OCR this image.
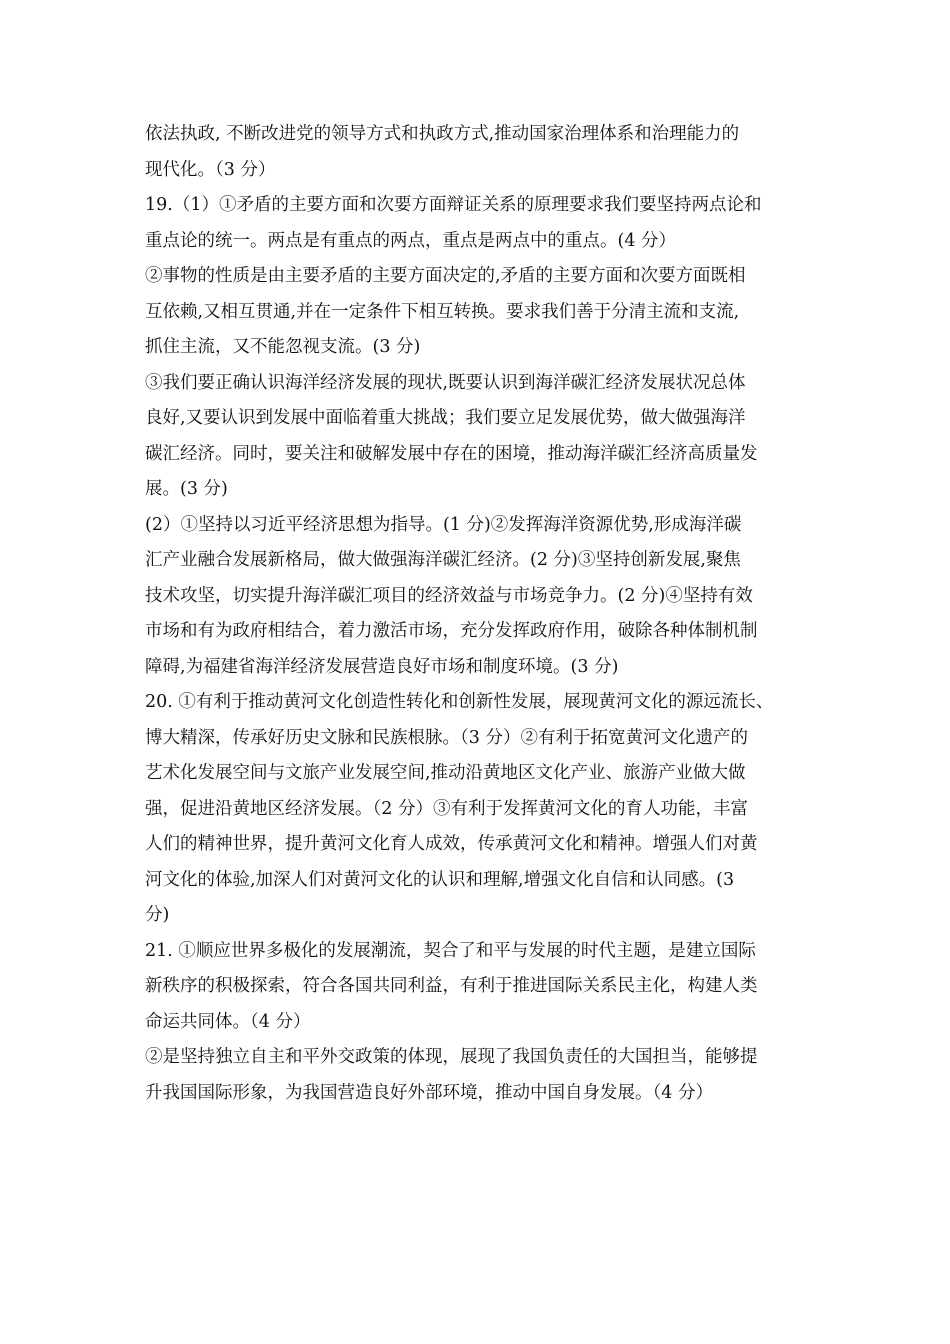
依法执政, 不断改进党的领导方式和执政方式,推动国家治理体系和治理能力的
现代化。（3 分）
19.（1）①矛盾的主要方面和次要方面辩证关系的原理要求我们要坚持两点论和
重点论的统一。两点是有重点的两点，重点是两点中的重点。(4 分）
②事物的性质是由主要矛盾的主要方面决定的,矛盾的主要方面和次要方面既相
互依赖,又相互贯通,并在一定条件下相互转换。要求我们善于分清主流和支流,
抓住主流，又不能忽视支流。(3 分)
③我们要正确认识海洋经济发展的现状,既要认识到海洋碳汇经济发展状况总体
良好,又要认识到发展中面临着重大挑战；我们要立足发展优势，做大做强海洋
碳汇经济。同时，要关注和破解发展中存在的困境，推动海洋碳汇经济高质量发
展。(3 分)
(2）①坚持以习近平经济思想为指导。(1 分)②发挥海洋资源优势,形成海洋碳
汇产业融合发展新格局，做大做强海洋碳汇经济。(2 分)③坚持创新发展,聚焦
技术攻坚，切实提升海洋碳汇项目的经济效益与市场竞争力。(2 分)④坚持有效
市场和有为政府相结合，着力激活市场，充分发挥政府作用，破除各种体制机制
障碍,为福建省海洋经济发展营造良好市场和制度环境。(3 分)
20. ①有利于推动黄河文化创造性转化和创新性发展，展现黄河文化的源远流长、
博大精深，传承好历史文脉和民族根脉。（3 分）②有利于拓宽黄河文化遗产的
艺术化发展空间与文旅产业发展空间,推动沿黄地区文化产业、旅游产业做大做
强，促进沿黄地区经济发展。（2 分）③有利于发挥黄河文化的育人功能，丰富
人们的精神世界，提升黄河文化育人成效，传承黄河文化和精神。增强人们对黄
河文化的体验,加深人们对黄河文化的认识和理解,增强文化自信和认同感。(3
分)
21. ①顺应世界多极化的发展潮流，契合了和平与发展的时代主题，是建立国际
新秩序的积极探索，符合各国共同利益，有利于推进国际关系民主化，构建人类
命运共同体。（4 分）
②是坚持独立自主和平外交政策的体现，展现了我国负责任的大国担当，能够提
升我国国际形象，为我国营造良好外部环境，推动中国自身发展。（4 分）
